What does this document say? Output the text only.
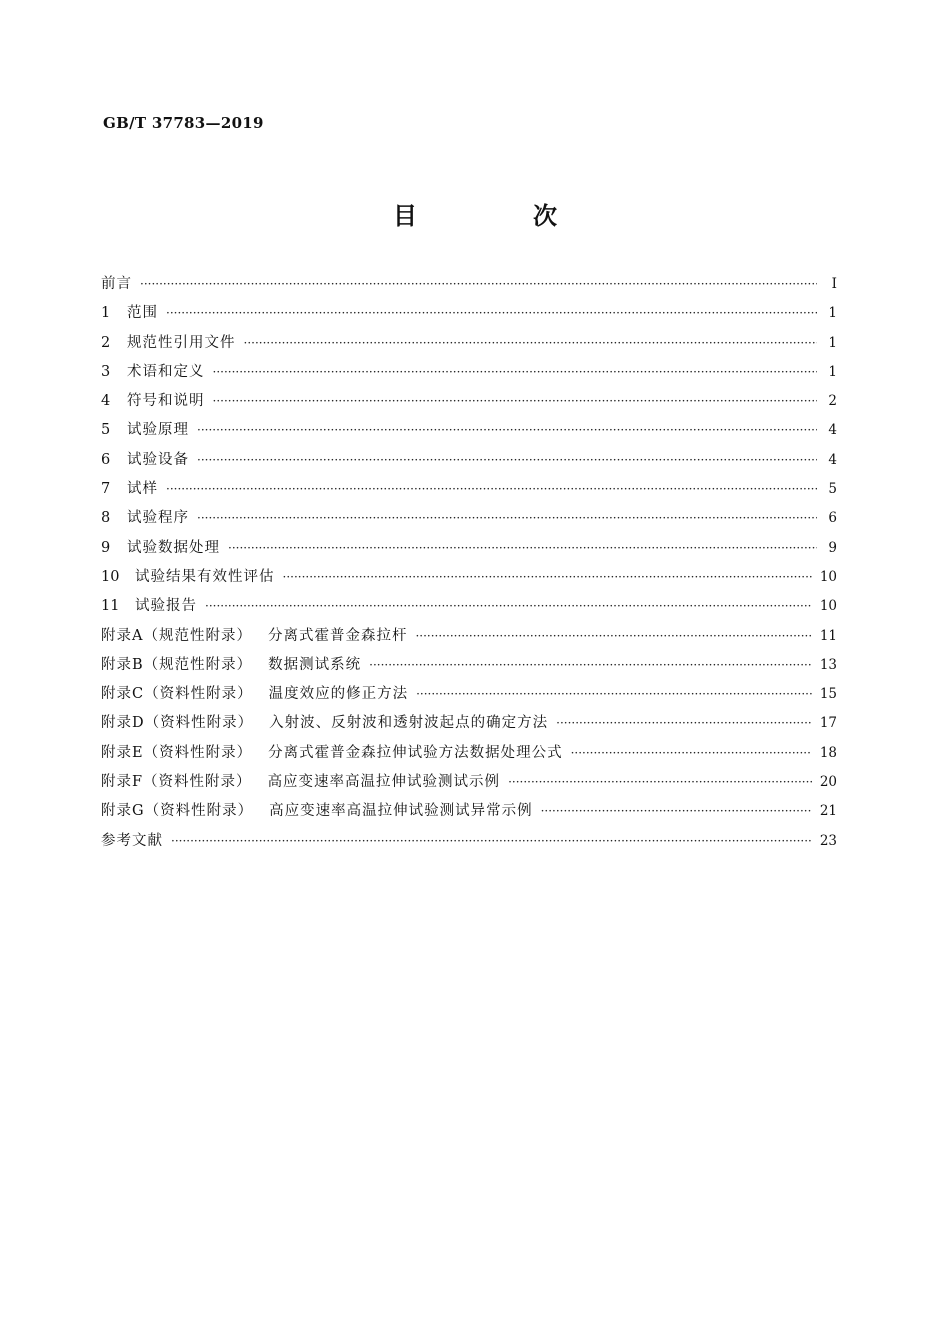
GB/T 37783—2019
目　次
前言 ·····	Ⅰ
1 范围 ·····	1
2 规范性引用文件 ·····	1
3 术语和定义 ·····	1
4 符号和说明 ·····	2
5 试验原理 ·····	4
6 试验设备 ·····	4
7 试样 ·····	5
8 试验程序 ·····	6
9 试验数据处理 ·····	9
10 试验结果有效性评估 ·····	10
11 试验报告 ·····	10
附录A（规范性附录） 分离式霍普金森拉杆 ·····	11
附录B（规范性附录） 数据测试系统 ·····	13
附录C（资料性附录） 温度效应的修正方法 ·····	15
附录D（资料性附录） 入射波、反射波和透射波起点的确定方法 ·····	17
附录E（资料性附录） 分离式霍普金森拉伸试验方法数据处理公式 ·····	18
附录F（资料性附录） 高应变速率高温拉伸试验测试示例 ·····	20
附录G（资料性附录） 高应变速率高温拉伸试验测试异常示例 ·····	21
参考文献 ·····	23
